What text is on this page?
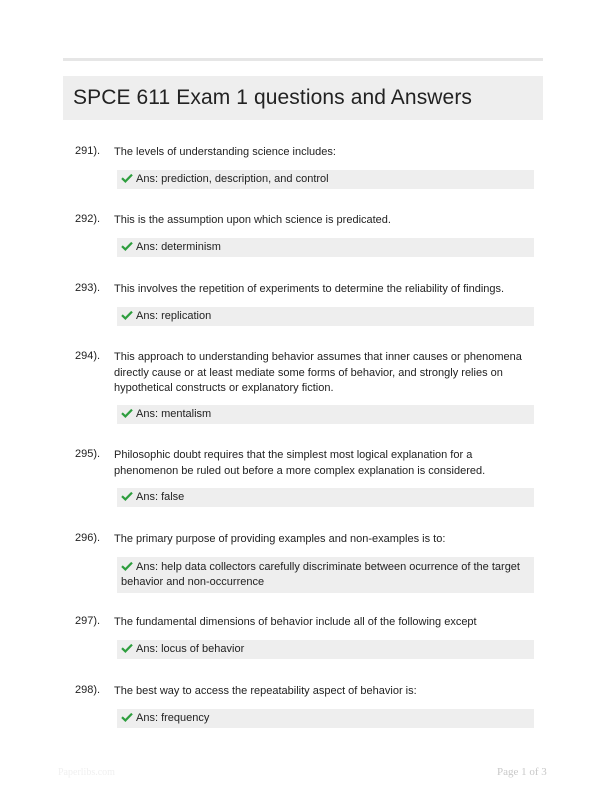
SPCE 611 Exam 1 questions and Answers
291). The levels of understanding science includes:
Ans: prediction, description, and control
292). This is the assumption upon which science is predicated.
Ans: determinism
293). This involves the repetition of experiments to determine the reliability of findings.
Ans: replication
294). This approach to understanding behavior assumes that inner causes or phenomena directly cause or at least mediate some forms of behavior, and strongly relies on hypothetical constructs or explanatory fiction.
Ans: mentalism
295). Philosophic doubt requires that the simplest most logical explanation for a phenomenon be ruled out before a more complex explanation is considered.
Ans: false
296). The primary purpose of providing examples and non-examples is to:
Ans: help data collectors carefully discriminate between ocurrence of the target behavior and non-occurrence
297). The fundamental dimensions of behavior include all of the following except
Ans: locus of behavior
298). The best way to access the repeatability aspect of behavior is:
Ans: frequency
Paperlibs.com	Page 1 of 3
